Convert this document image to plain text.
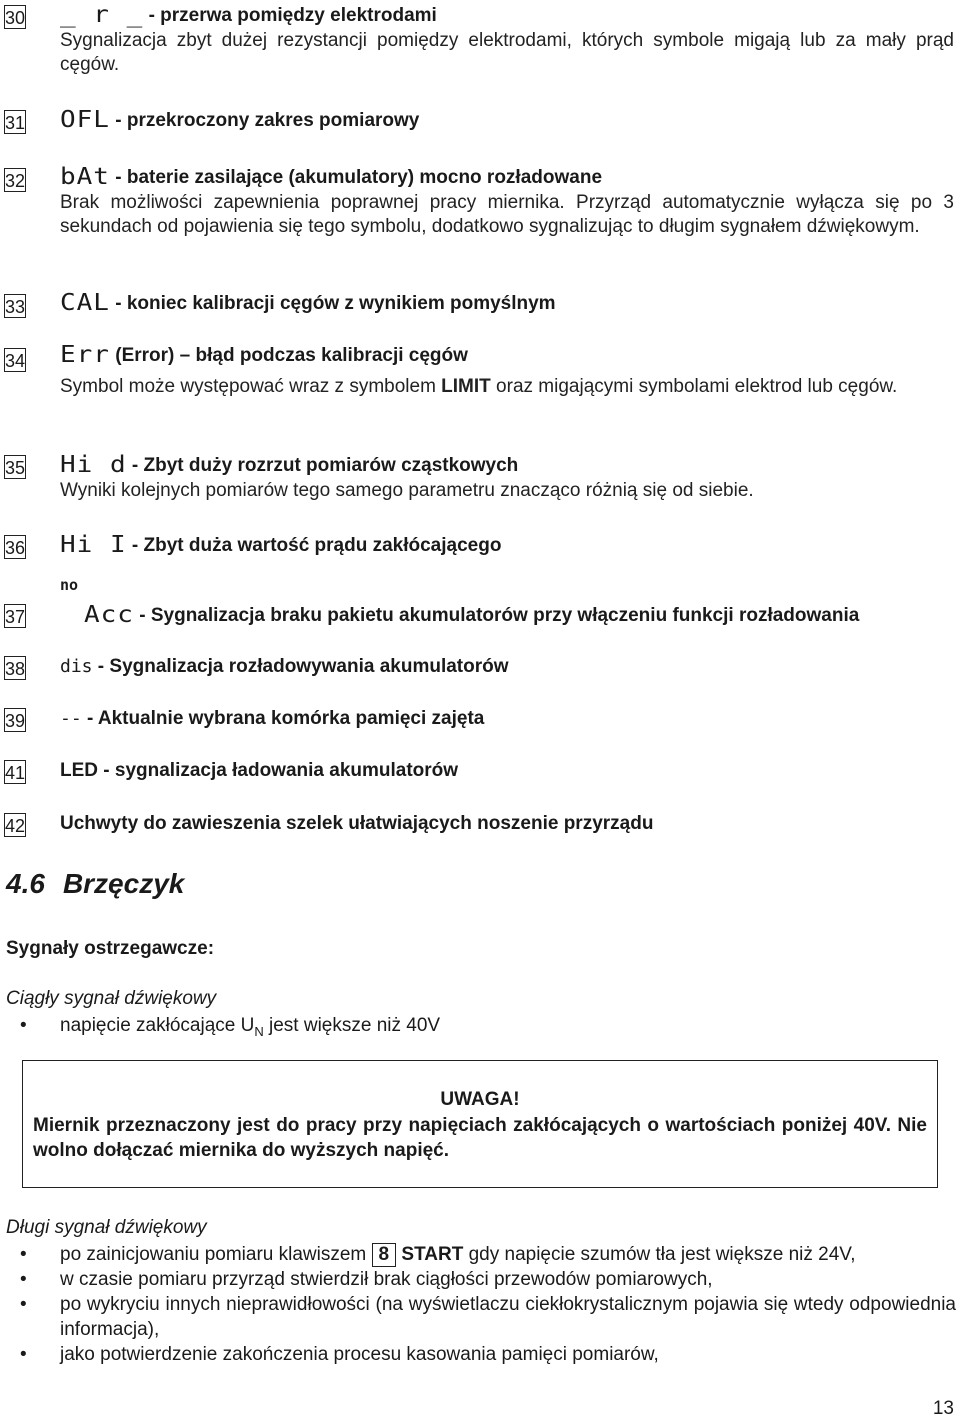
30 _ r _ - przerwa pomiędzy elektrodami
Sygnalizacja zbyt dużej rezystancji pomiędzy elektrodami, których symbole migają lub za mały prąd cęgów.
31 OFL - przekroczony zakres pomiarowy
32 bAt - baterie zasilające (akumulatory) mocno rozładowane
Brak możliwości zapewnienia poprawnej pracy miernika. Przyrząd automatycznie wyłącza się po 3 sekundach od pojawienia się tego symbolu, dodatkowo sygnalizując to długim sygnałem dźwiękowym.
33 CAL - koniec kalibracji cęgów z wynikiem pomyślnym
34 Err (Error) – błąd podczas kalibracji cęgów
Symbol może występować wraz z symbolem LIMIT oraz migającymi symbolami elektrod lub cęgów.
35 Hi d - Zbyt duży rozrzut pomiarów cząstkowych
Wyniki kolejnych pomiarów tego samego parametru znacząco różnią się od siebie.
36 Hi I - Zbyt duża wartość prądu zakłócającego
no
37 Acc - Sygnalizacja braku pakietu akumulatorów przy włączeniu funkcji rozładowania
38 dis - Sygnalizacja rozładowywania akumulatorów
39 -- - Aktualnie wybrana komórka pamięci zajęta
41 LED - sygnalizacja ładowania akumulatorów
42 Uchwyty do zawieszenia szelek ułatwiających noszenie przyrządu
4.6 Brzęczyk
Sygnały ostrzegawcze:
Ciągły sygnał dźwiękowy
• napięcie zakłócające $U_N$ jest większe niż 40V
UWAGA!
Miernik przeznaczony jest do pracy przy napięciach zakłócających o wartościach poniżej 40V. Nie wolno dołączać miernika do wyższych napięć.
Długi sygnał dźwiękowy
• po zainicjowaniu pomiaru klawiszem 8 START gdy napięcie szumów tła jest większe niż 24V,
• w czasie pomiaru przyrząd stwierdził brak ciągłości przewodów pomiarowych,
• po wykryciu innych nieprawidłowości (na wyświetlaczu ciekłokrystalicznym pojawia się wtedy odpowiednia informacja),
• jako potwierdzenie zakończenia procesu kasowania pamięci pomiarów,
13
